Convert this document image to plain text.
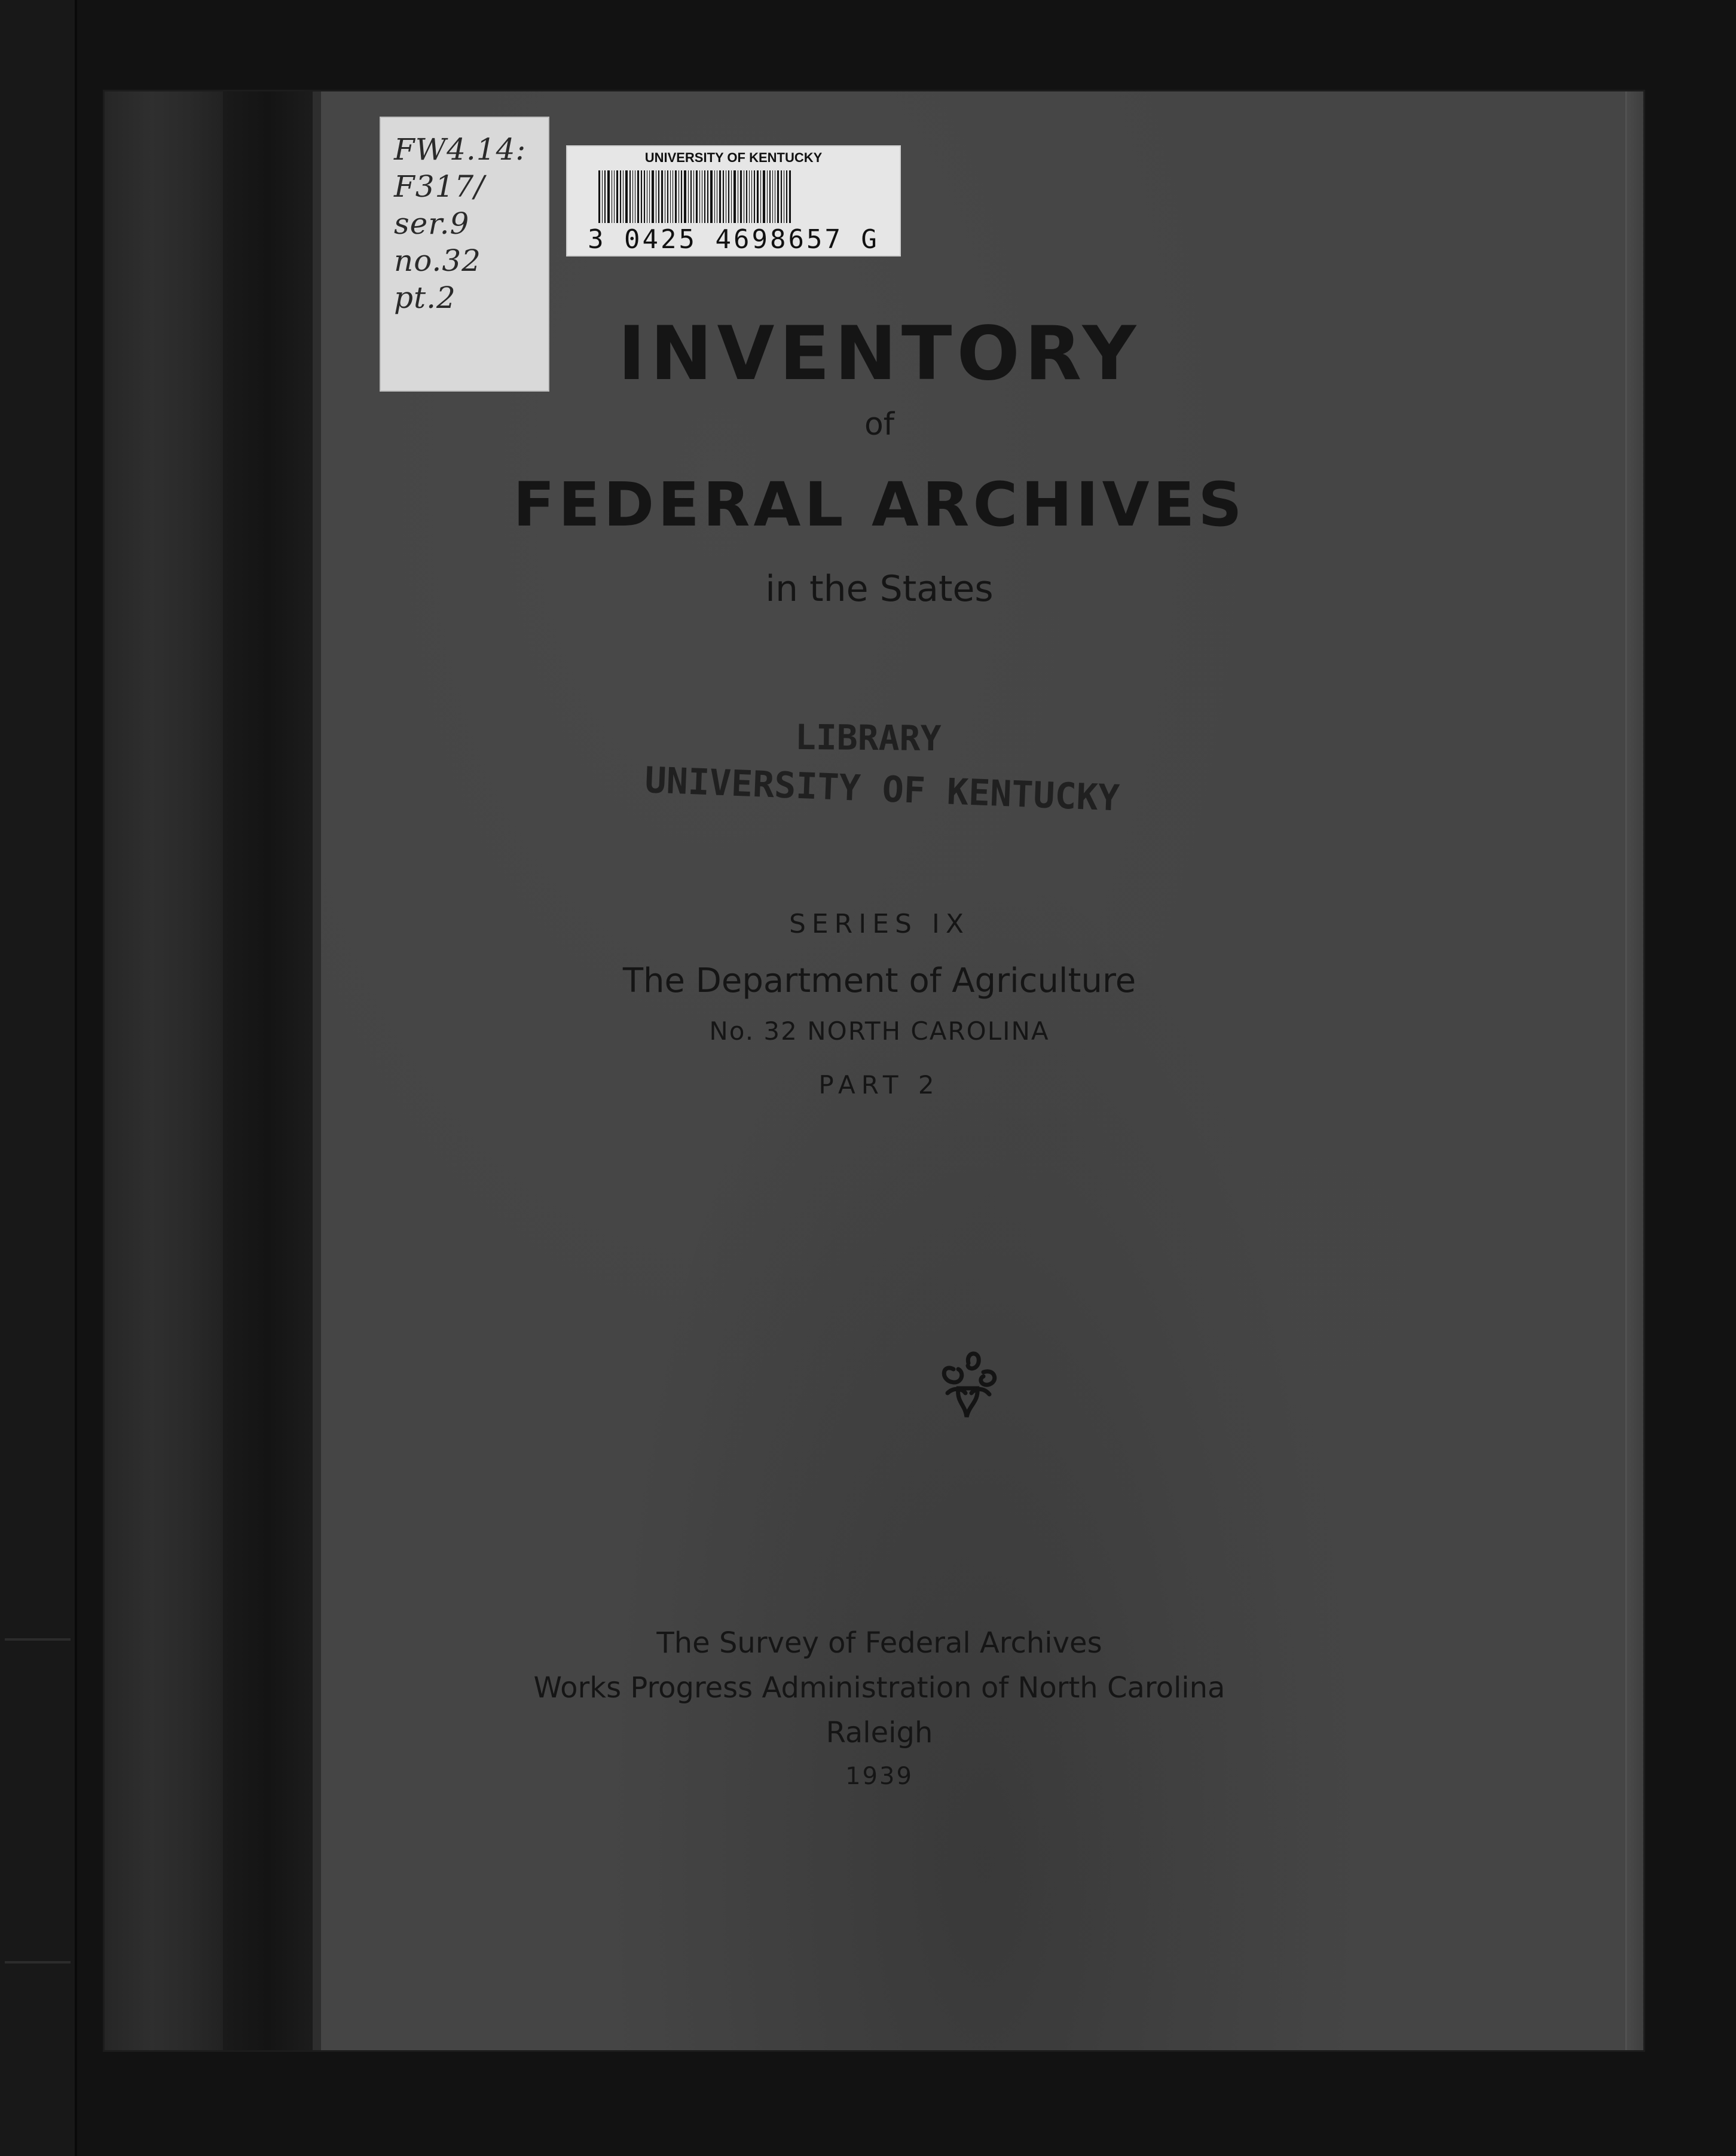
FW4.14:
F317/
ser.9
no.32
pt.2
UNIVERSITY OF KENTUCKY
3 0425 4698657 G
INVENTORY
of
FEDERAL ARCHIVES
in the States
LIBRARY
UNIVERSITY OF KENTUCKY
SERIES IX
The Department of Agriculture
No. 32 NORTH CAROLINA
PART 2
The Survey of Federal Archives
Works Progress Administration of North Carolina
Raleigh
1939
